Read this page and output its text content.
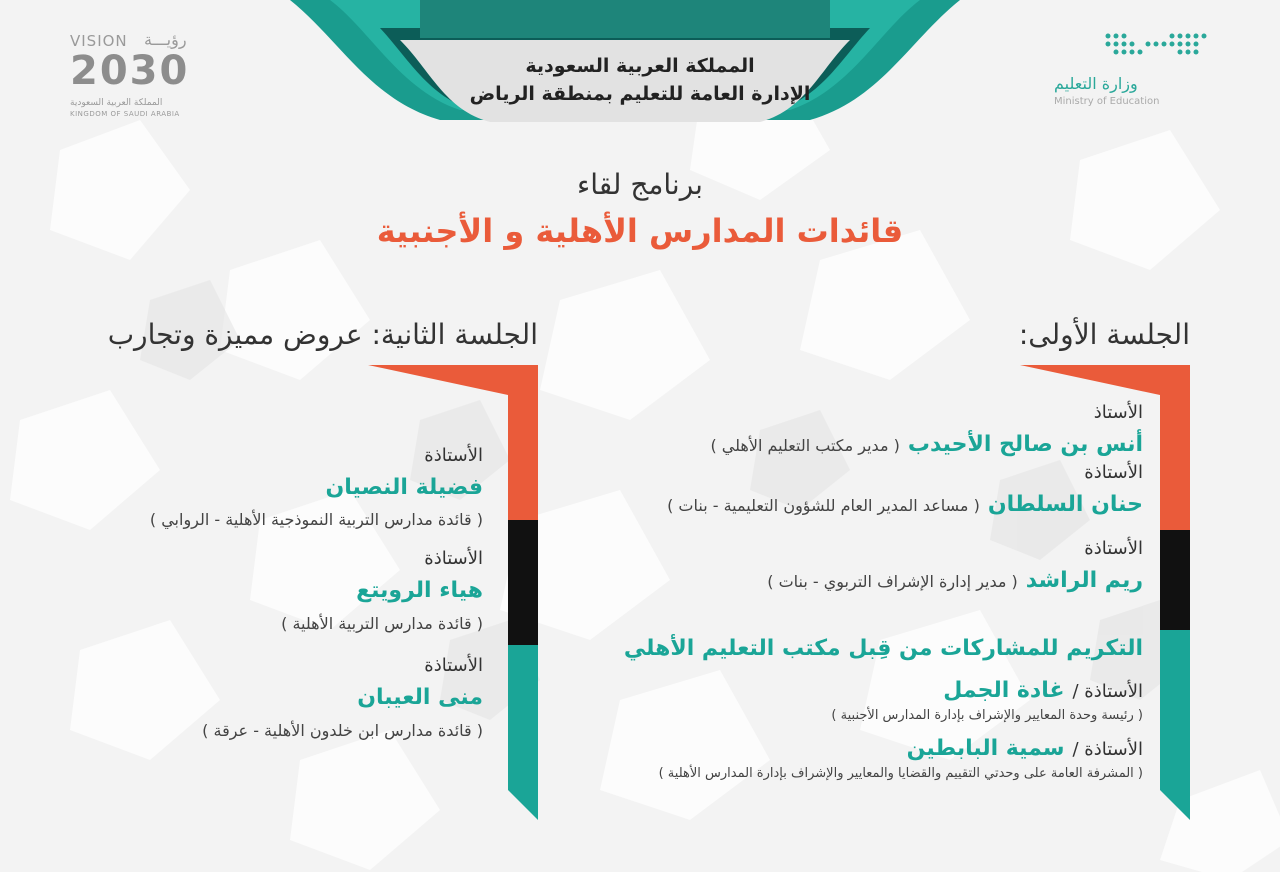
المملكة العربية السعودية
الإدارة العامة للتعليم بمنطقة الرياض
VISION رؤيـــة
2030
المملكة العربية السعودية
KINGDOM OF SAUDI ARABIA
وزارة التعليم
Ministry of Education
برنامج لقاء
قائدات المدارس الأهلية و الأجنبية
الجلسة الأولى:
الجلسة الثانية: عروض مميزة وتجارب
الأستاذ
أنس بن صالح الأحيدب
( مدير مكتب التعليم الأهلي )
الأستاذة
حنان السلطان
( مساعد المدير العام للشؤون التعليمية - بنات )
الأستاذة
ريم الراشد
( مدير إدارة الإشراف التربوي - بنات )
التكريم للمشاركات من قِبل مكتب التعليم الأهلي
الأستاذة /
غادة الجمل
( رئيسة وحدة المعايير والإشراف بإدارة المدارس الأجنبية )
الأستاذة /
سمية البابطين
( المشرفة العامة على وحدتي التقييم والقضايا والمعايير والإشراف بإدارة المدارس الأهلية )
الأستاذة
فضيلة النصيان
( قائدة مدارس التربية النموذجية الأهلية - الروابي )
الأستاذة
هياء الرويتع
( قائدة مدارس التربية الأهلية )
الأستاذة
منى العيبان
( قائدة مدارس ابن خلدون الأهلية - عرقة )
